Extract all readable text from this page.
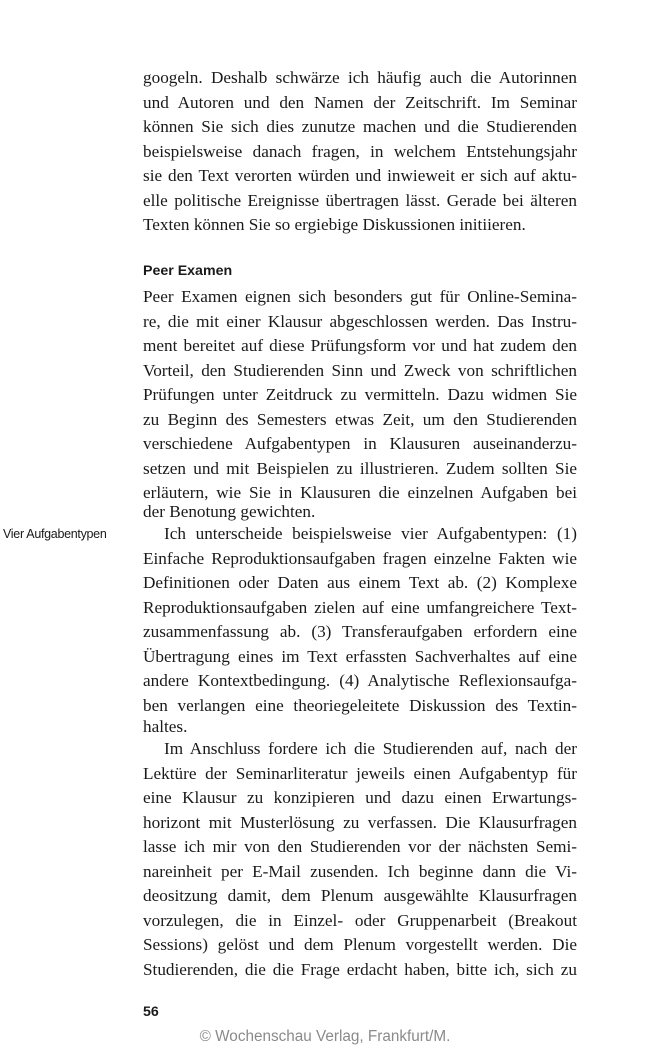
googeln. Deshalb schwärze ich häufig auch die Autorinnen
und Autoren und den Namen der Zeitschrift. Im Seminar
können Sie sich dies zunutze machen und die Studierenden
beispielsweise danach fragen, in welchem Entstehungsjahr
sie den Text verorten würden und inwieweit er sich auf aktu-
elle politische Ereignisse übertragen lässt. Gerade bei älteren
Texten können Sie so ergiebige Diskussionen initiieren.
Peer Examen
Peer Examen eignen sich besonders gut für Online-Semina-
re, die mit einer Klausur abgeschlossen werden. Das Instru-
ment bereitet auf diese Prüfungsform vor und hat zudem den
Vorteil, den Studierenden Sinn und Zweck von schriftlichen
Prüfungen unter Zeitdruck zu vermitteln. Dazu widmen Sie
zu Beginn des Semesters etwas Zeit, um den Studierenden
verschiedene Aufgabentypen in Klausuren auseinanderzu-
setzen und mit Beispielen zu illustrieren. Zudem sollten Sie
erläutern, wie Sie in Klausuren die einzelnen Aufgaben bei
der Benotung gewichten.
Vier Aufgabentypen	Ich unterscheide beispielsweise vier Aufgabentypen: (1)
Einfache Reproduktionsaufgaben fragen einzelne Fakten wie
Definitionen oder Daten aus einem Text ab. (2) Komplexe
Reproduktionsaufgaben zielen auf eine umfangreichere Text-
zusammenfassung ab. (3) Transferaufgaben erfordern eine
Übertragung eines im Text erfassten Sachverhaltes auf eine
andere Kontextbedingung. (4) Analytische Reflexionsaufga-
ben verlangen eine theoriegeleitete Diskussion des Textin-
haltes.
Im Anschluss fordere ich die Studierenden auf, nach der
Lektüre der Seminarliteratur jeweils einen Aufgabentyp für
eine Klausur zu konzipieren und dazu einen Erwartungs-
horizont mit Musterlösung zu verfassen. Die Klausurfragen
lasse ich mir von den Studierenden vor der nächsten Semi-
nareinheit per E-Mail zusenden. Ich beginne dann die Vi-
deositzung damit, dem Plenum ausgewählte Klausurfragen
vorzulegen, die in Einzel- oder Gruppenarbeit (Breakout
Sessions) gelöst und dem Plenum vorgestellt werden. Die
Studierenden, die die Frage erdacht haben, bitte ich, sich zu
56
© Wochenschau Verlag, Frankfurt/M.
